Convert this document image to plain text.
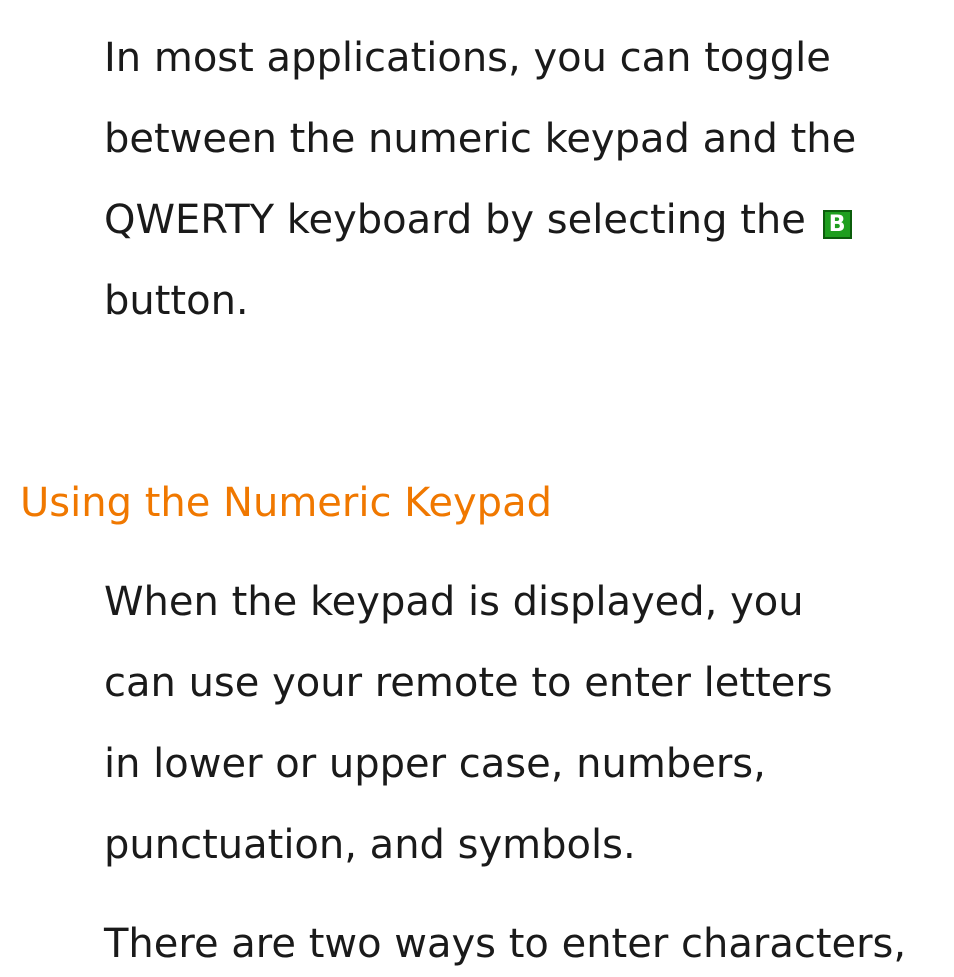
In most applications, you can toggle
between the numeric keypad and the
QWERTY keyboard by selecting the B
button.
Using the Numeric Keypad
When the keypad is displayed, you
can use your remote to enter letters
in lower or upper case, numbers,
punctuation, and symbols.
There are two ways to enter characters,
